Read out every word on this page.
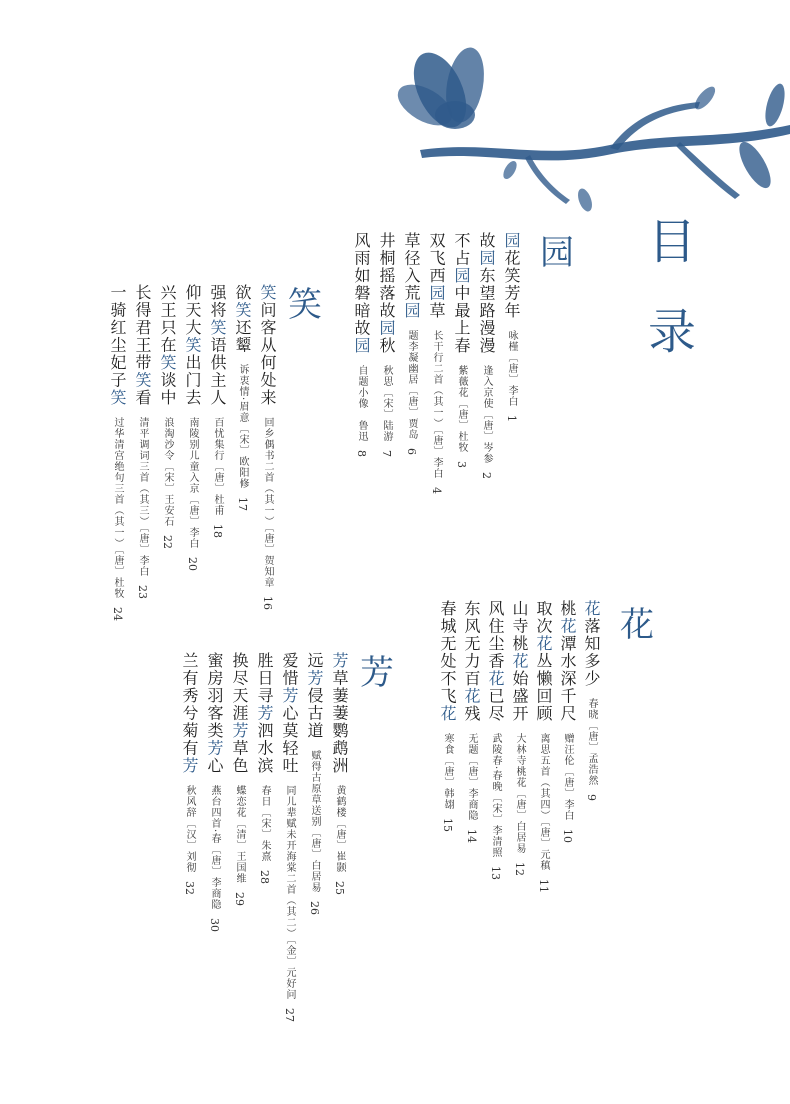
目
录
园
园花笑芳年咏槿〔唐〕李白1
故园东望路漫漫逢入京使〔唐〕岑参2
不占园中最上春紫薇花〔唐〕杜牧3
双飞西园草长干行二首（其一）〔唐〕李白4
草径入荒园题李凝幽居〔唐〕贾岛6
井桐摇落故园秋秋思〔宋〕陆游7
风雨如磐暗故园自题小像　鲁迅8
笑
笑问客从何处来回乡偶书二首（其一）〔唐〕贺知章16
欲笑还颦诉衷情·眉意〔宋〕欧阳修17
强将笑语供主人百忧集行〔唐〕杜甫18
仰天大笑出门去南陵别儿童入京〔唐〕李白20
兴王只在笑谈中浪淘沙令〔宋〕王安石22
长得君王带笑看清平调词三首（其三）〔唐〕李白23
一骑红尘妃子笑过华清宫绝句三首（其一）〔唐〕杜牧24	花
花落知多少春晓〔唐〕孟浩然9
桃花潭水深千尺赠汪伦〔唐〕李白10
取次花丛懒回顾离思五首（其四）〔唐〕元稹11
山寺桃花始盛开大林寺桃花〔唐〕白居易12
风住尘香花已尽武陵春·春晚〔宋〕李清照13
东风无力百花残无题〔唐〕李商隐14
春城无处不飞花寒食〔唐〕韩翃15
芳
芳草萋萋鹦鹉洲黄鹤楼〔唐〕崔颢25
远芳侵古道赋得古原草送别〔唐〕白居易26
爱惜芳心莫轻吐同儿辈赋未开海棠二首（其二）〔金〕元好问27
胜日寻芳泗水滨春日〔宋〕朱熹28
换尽天涯芳草色蝶恋花〔清〕王国维29
蜜房羽客类芳心燕台四首·春〔唐〕李商隐30
兰有秀兮菊有芳秋风辞〔汉〕刘彻32
